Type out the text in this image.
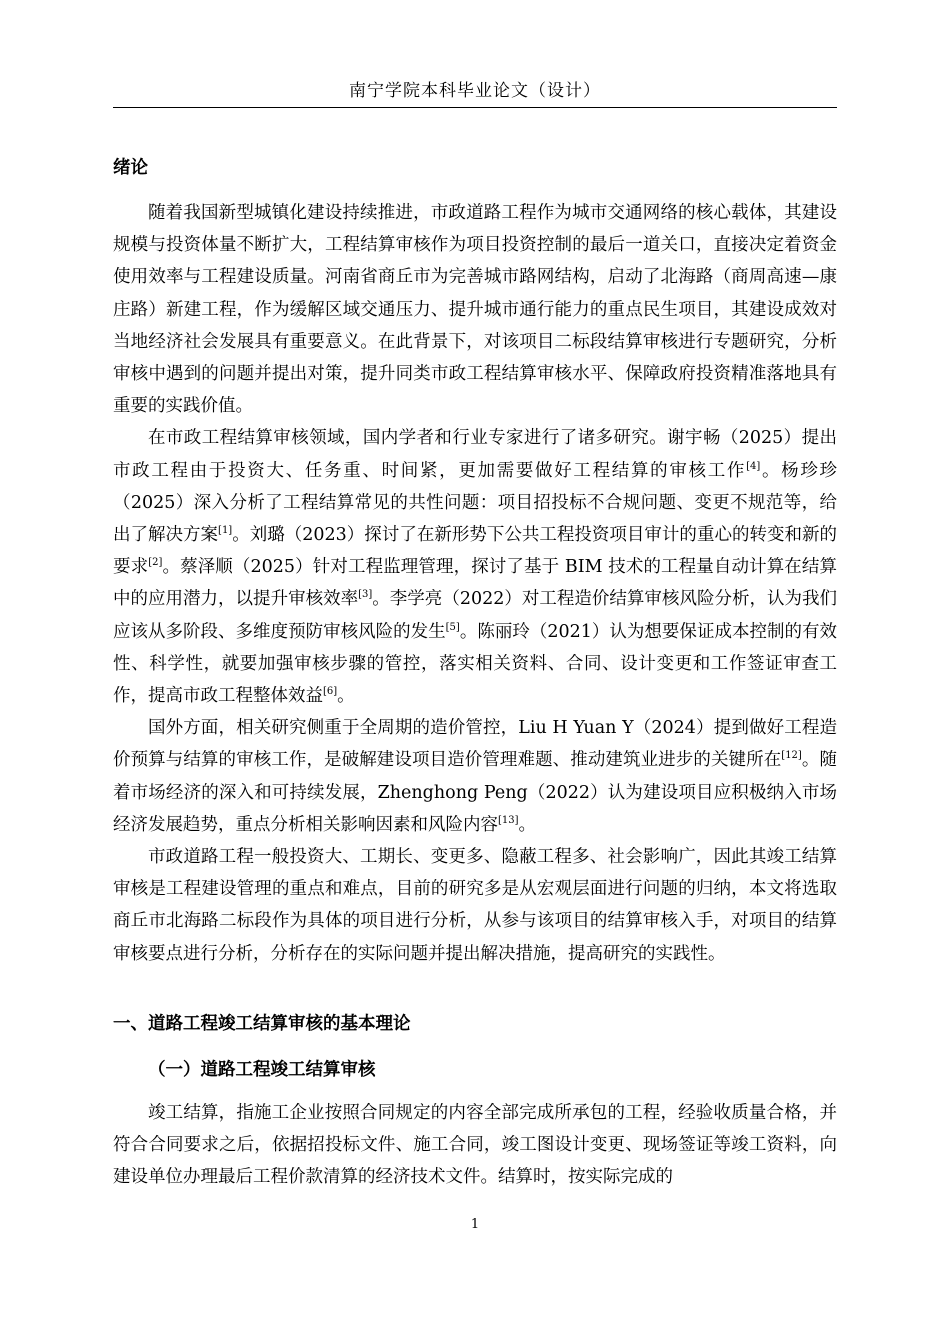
南宁学院本科毕业论文（设计）
绪论

随着我国新型城镇化建设持续推进，市政道路工程作为城市交通网络的核心载体，其建设规模与投资体量不断扩大，工程结算审核作为项目投资控制的最后一道关口，直接决定着资金使用效率与工程建设质量。河南省商丘市为完善城市路网结构，启动了北海路（商周高速—康庄路）新建工程，作为缓解区域交通压力、提升城市通行能力的重点民生项目，其建设成效对当地经济社会发展具有重要意义。在此背景下，对该项目二标段结算审核进行专题研究，分析审核中遇到的问题并提出对策，提升同类市政工程结算审核水平、保障政府投资精准落地具有重要的实践价值。

在市政工程结算审核领域，国内学者和行业专家进行了诸多研究。谢宇畅（2025）提出市政工程由于投资大、任务重、时间紧，更加需要做好工程结算的审核工作[4]。杨珍珍（2025）深入分析了工程结算常见的共性问题：项目招投标不合规问题、变更不规范等，给出了解决方案[1]。刘璐（2023）探讨了在新形势下公共工程投资项目审计的重心的转变和新的要求[2]。蔡泽顺（2025）针对工程监理管理，探讨了基于 BIM 技术的工程量自动计算在结算中的应用潜力，以提升审核效率[3]。李学亮（2022）对工程造价结算审核风险分析，认为我们应该从多阶段、多维度预防审核风险的发生[5]。陈丽玲（2021）认为想要保证成本控制的有效性、科学性，就要加强审核步骤的管控，落实相关资料、合同、设计变更和工作签证审查工作，提高市政工程整体效益[6]。

国外方面，相关研究侧重于全周期的造价管控，Liu H Yuan Y（2024）提到做好工程造价预算与结算的审核工作，是破解建设项目造价管理难题、推动建筑业进步的关键所在[12]。随着市场经济的深入和可持续发展，Zhenghong Peng（2022）认为建设项目应积极纳入市场经济发展趋势，重点分析相关影响因素和风险内容[13]。

市政道路工程一般投资大、工期长、变更多、隐蔽工程多、社会影响广，因此其竣工结算审核是工程建设管理的重点和难点，目前的研究多是从宏观层面进行问题的归纳，本文将选取商丘市北海路二标段作为具体的项目进行分析，从参与该项目的结算审核入手，对项目的结算审核要点进行分析，分析存在的实际问题并提出解决措施，提高研究的实践性。

一、道路工程竣工结算审核的基本理论
（一）道路工程竣工结算审核

竣工结算，指施工企业按照合同规定的内容全部完成所承包的工程，经验收质量合格，并符合合同要求之后，依据招投标文件、施工合同，竣工图设计变更、现场签证等竣工资料，向建设单位办理最后工程价款清算的经济技术文件。结算时，按实际完成的

1
